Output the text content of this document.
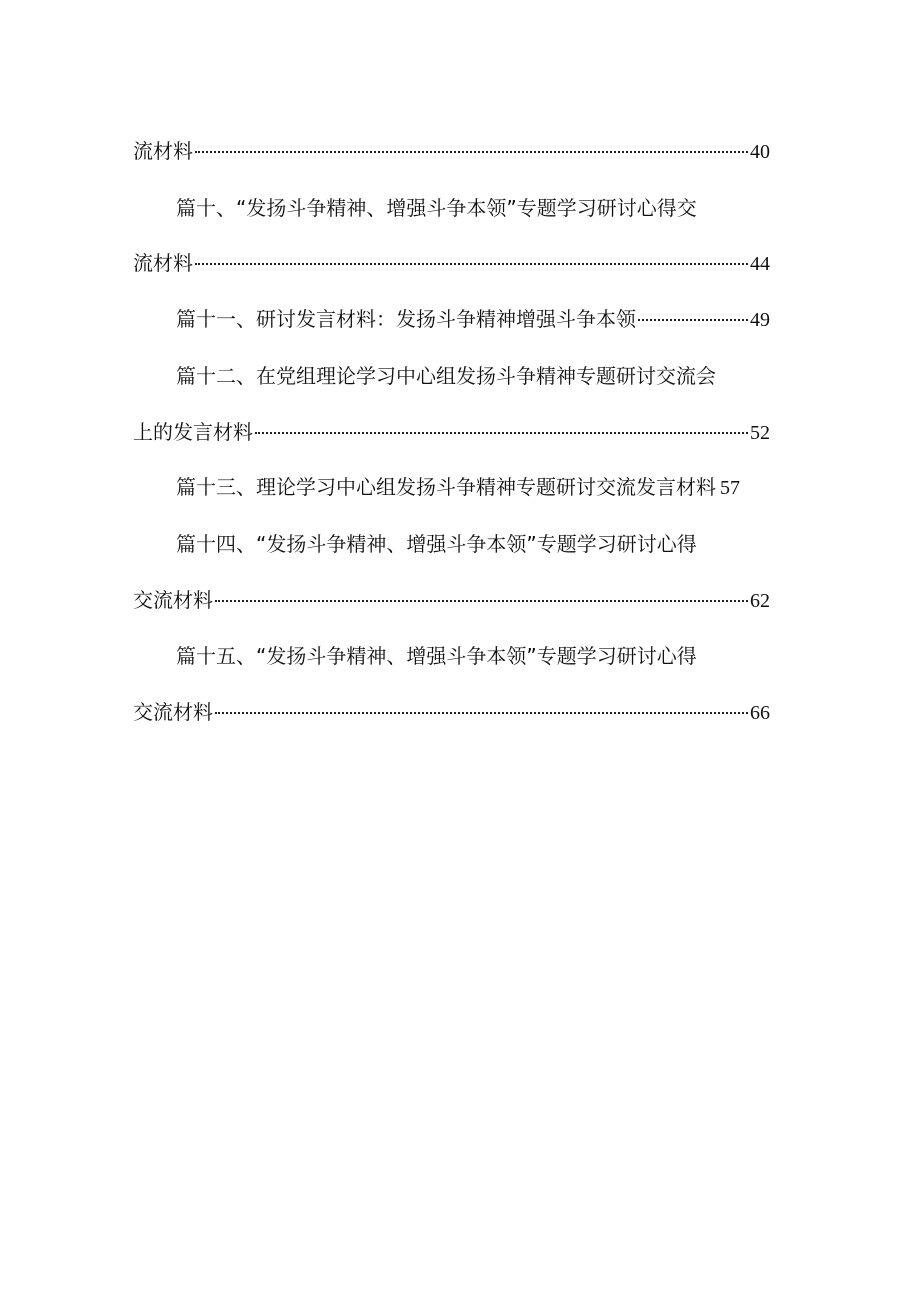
流材料	40
篇十、“发扬斗争精神、增强斗争本领”专题学习研讨心得交
流材料	44
篇十一、研讨发言材料：发扬斗争精神增强斗争本领	49
篇十二、在党组理论学习中心组发扬斗争精神专题研讨交流会
上的发言材料	52
篇十三、理论学习中心组发扬斗争精神专题研讨交流发言材料 57
篇十四、“发扬斗争精神、增强斗争本领”专题学习研讨心得
交流材料	62
篇十五、“发扬斗争精神、增强斗争本领”专题学习研讨心得
交流材料	66
